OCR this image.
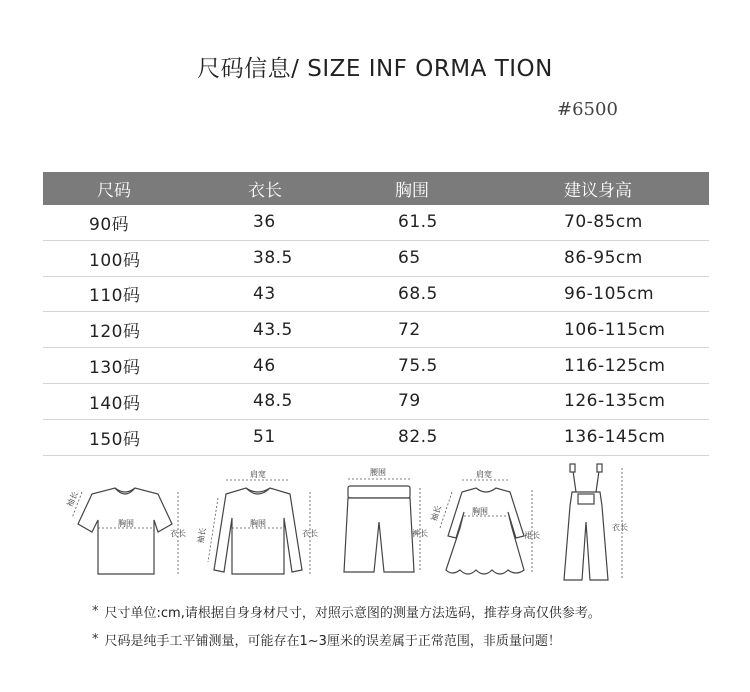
尺码信息/ SIZE INF ORMA TION
#6500
尺码	衣长	胸围	建议身高
90码	36	61.5	70-85cm
100码	38.5	65	86-95cm
110码	43	68.5	96-105cm
120码	43.5	72	106-115cm
130码	46	75.5	116-125cm
140码	48.5	79	126-135cm
150码	51	82.5	136-145cm
袖长
胸围
衣长
肩宽
胸围
衣长
袖长
腰围
裤长
肩宽
胸围
裙长
袖长
衣长
* 尺寸单位:cm,请根据自身身材尺寸，对照示意图的测量方法选码，推荐身高仅供参考。
* 尺码是纯手工平铺测量，可能存在1~3厘米的误差属于正常范围，非质量问题！
